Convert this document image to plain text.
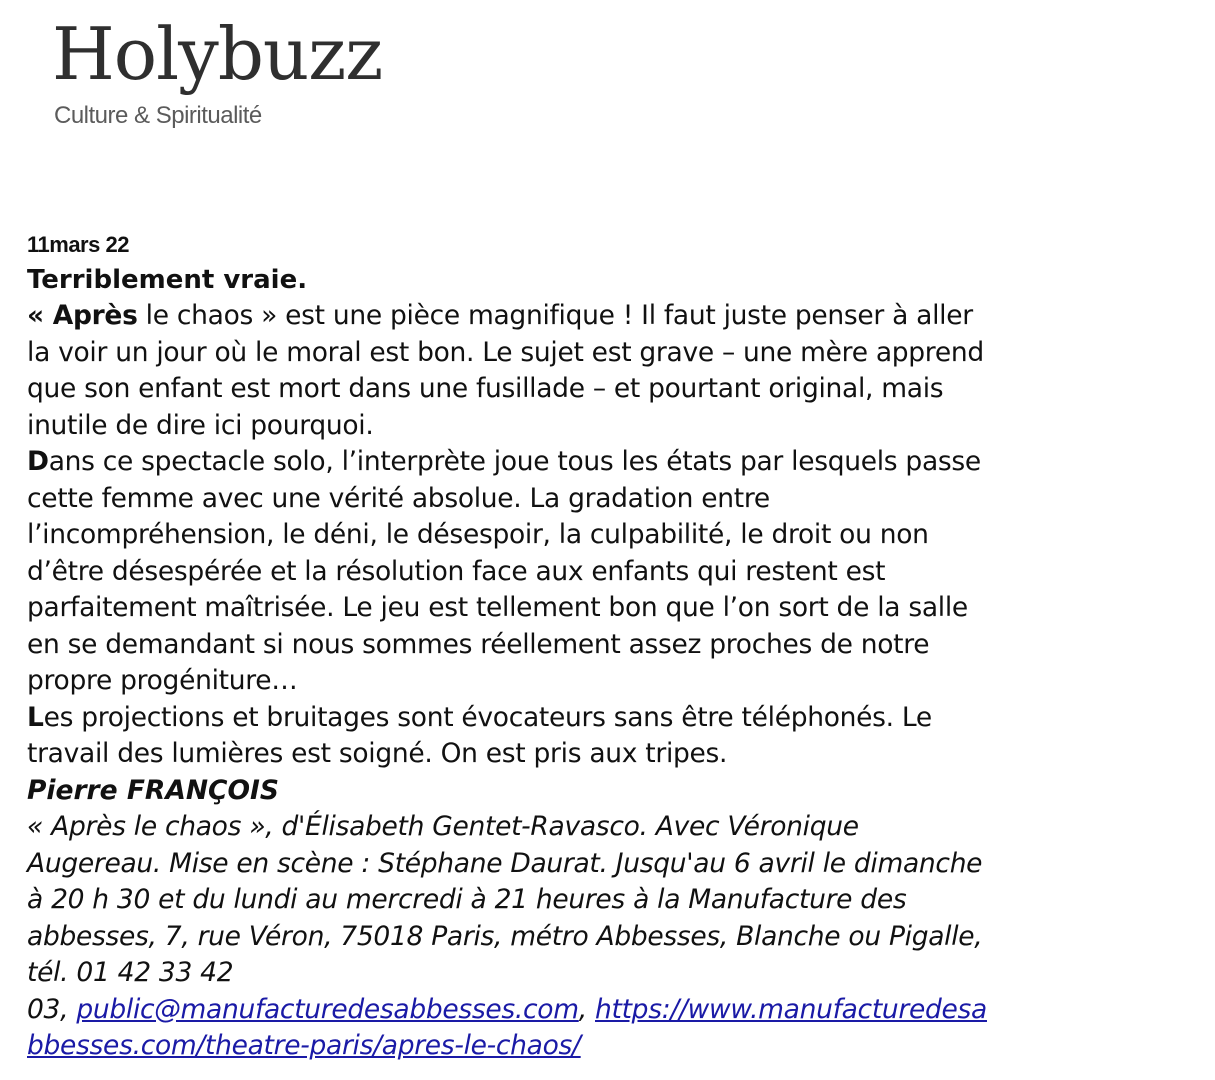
Holybuzz
Culture & Spiritualité

11mars 22

Terriblement vraie.

« Après le chaos » est une pièce magnifique ! Il faut juste penser à aller
la voir un jour où le moral est bon. Le sujet est grave – une mère apprend
que son enfant est mort dans une fusillade – et pourtant original, mais
inutile de dire ici pourquoi.

Dans ce spectacle solo, l’interprète joue tous les états par lesquels passe
cette femme avec une vérité absolue. La gradation entre
l’incompréhension, le déni, le désespoir, la culpabilité, le droit ou non
d’être désespérée et la résolution face aux enfants qui restent est
parfaitement maîtrisée. Le jeu est tellement bon que l’on sort de la salle
en se demandant si nous sommes réellement assez proches de notre
propre progéniture…

Les projections et bruitages sont évocateurs sans être téléphonés. Le
travail des lumières est soigné. On est pris aux tripes.

Pierre FRANÇOIS

« Après le chaos », d'Élisabeth Gentet-Ravasco. Avec Véronique
Augereau. Mise en scène : Stéphane Daurat. Jusqu'au 6 avril le dimanche
à 20 h 30 et du lundi au mercredi à 21 heures à la Manufacture des
abbesses, 7, rue Véron, 75018 Paris, métro Abbesses, Blanche ou Pigalle,
tél. 01 42 33 42
03, public@manufacturedesabbesses.com, https://www.manufacturedesa
bbesses.com/theatre-paris/apres-le-chaos/
